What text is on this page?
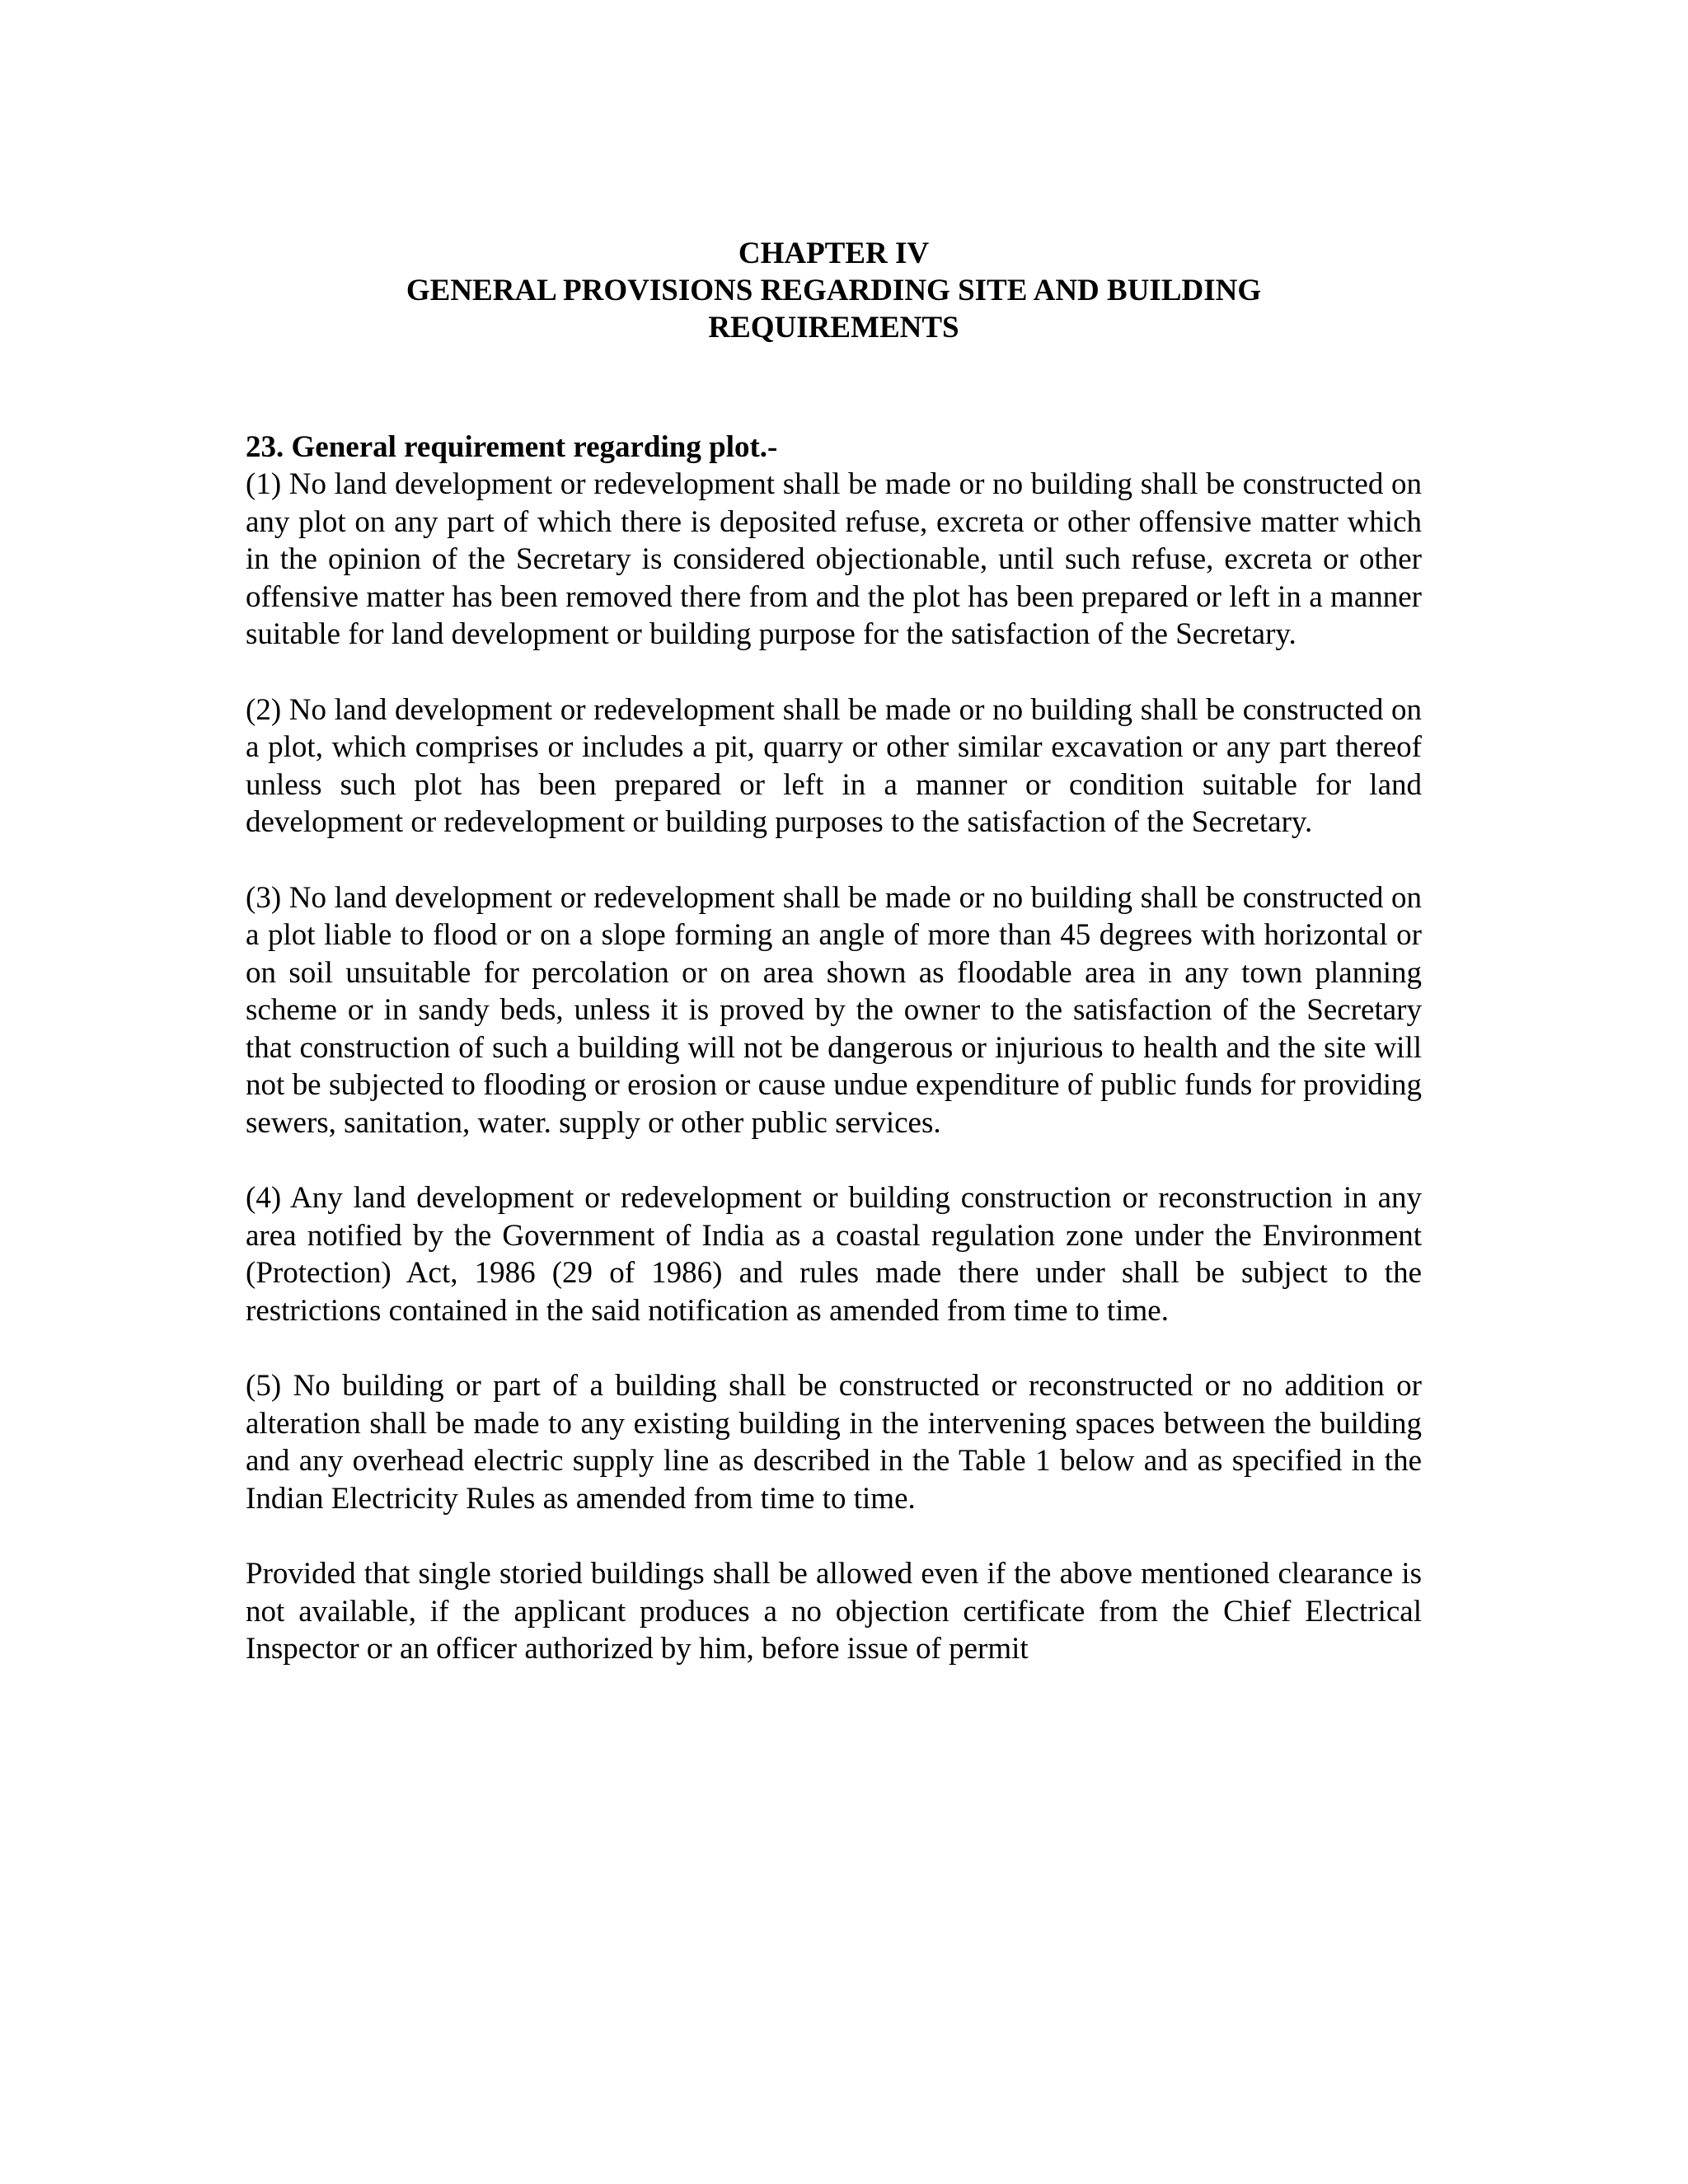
CHAPTER IV

GENERAL PROVISIONS REGARDING SITE AND BUILDING

REQUIREMENTS

23. General requirement regarding plot.-

(1) No land development or redevelopment shall be made or no building shall be constructed on any plot on any part of which there is deposited refuse, excreta or other offensive matter which in the opinion of the Secretary is considered objectionable, until such refuse, excreta or other offensive matter has been removed there from and the plot has been prepared or left in a manner suitable for land development or building purpose for the satisfaction of the Secretary.

(2) No land development or redevelopment shall be made or no building shall be constructed on a plot, which comprises or includes a pit, quarry or other similar excavation or any part thereof unless such plot has been prepared or left in a manner or condition suitable for land development or redevelopment or building purposes to the satisfaction of the Secretary.

(3) No land development or redevelopment shall be made or no building shall be constructed on a plot liable to flood or on a slope forming an angle of more than 45 degrees with horizontal or on soil unsuitable for percolation or on area shown as floodable area in any town planning scheme or in sandy beds, unless it is proved by the owner to the satisfaction of the Secretary that construction of such a building will not be dangerous or injurious to health and the site will not be subjected to flooding or erosion or cause undue expenditure of public funds for providing sewers, sanitation, water. supply or other public services.

(4) Any land development or redevelopment or building construction or reconstruction in any area notified by the Government of India as a coastal regulation zone under the Environment (Protection) Act, 1986 (29 of 1986) and rules made there under shall be subject to the restrictions contained in the said notification as amended from time to time.

(5) No building or part of a building shall be constructed or reconstructed or no addition or alteration shall be made to any existing building in the intervening spaces between the building and any overhead electric supply line as described in the Table 1 below and as specified in the Indian Electricity Rules as amended from time to time.

Provided that single storied buildings shall be allowed even if the above mentioned clearance is not available, if the applicant produces a no objection certificate from the Chief Electrical Inspector or an officer authorized by him, before issue of permit
